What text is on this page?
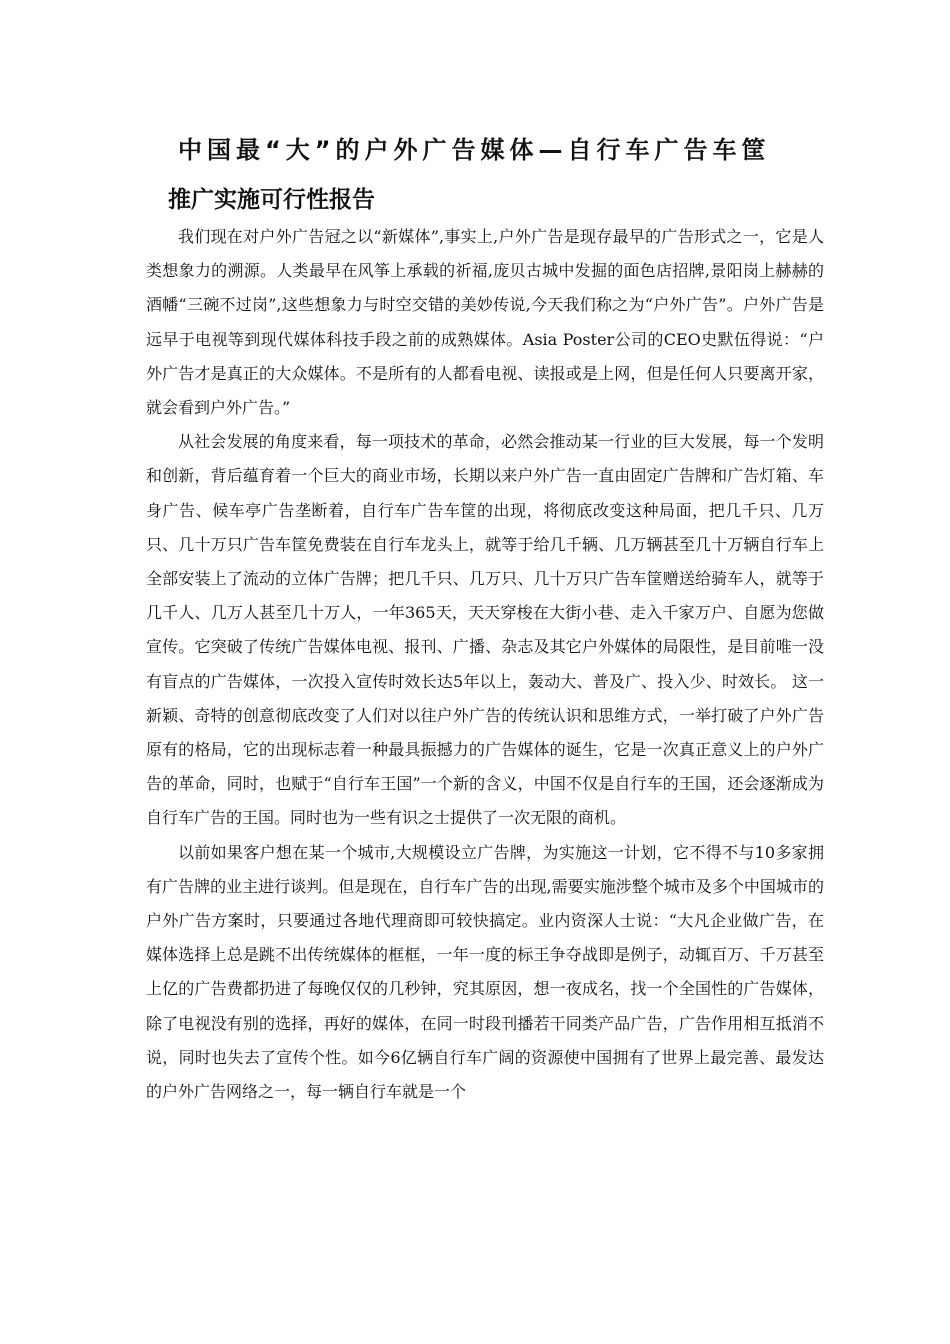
中国最“大”的户外广告媒体—自行车广告车筐
推广实施可行性报告

我们现在对户外广告冠之以“新媒体”,事实上,户外广告是现存最早的广告形式之一，它是人类想象力的溯源。人类最早在风筝上承载的祈福,庞贝古城中发掘的面色店招牌,景阳岗上赫赫的酒幡“三碗不过岗”,这些想象力与时空交错的美妙传说,今天我们称之为“户外广告”。户外广告是远早于电视等到现代媒体科技手段之前的成熟媒体。Asia Poster公司的CEO史默伍得说：“户外广告才是真正的大众媒体。不是所有的人都看电视、读报或是上网，但是任何人只要离开家，就会看到户外广告。”

从社会发展的角度来看，每一项技术的革命，必然会推动某一行业的巨大发展，每一个发明和创新，背后蕴育着一个巨大的商业市场，长期以来户外广告一直由固定广告牌和广告灯箱、车身广告、候车亭广告垄断着，自行车广告车筐的出现，将彻底改变这种局面，把几千只、几万只、几十万只广告车筐免费装在自行车龙头上，就等于给几千辆、几万辆甚至几十万辆自行车上全部安装上了流动的立体广告牌；把几千只、几万只、几十万只广告车筐赠送给骑车人，就等于几千人、几万人甚至几十万人，一年365天，天天穿梭在大街小巷、走入千家万户、自愿为您做宣传。它突破了传统广告媒体电视、报刊、广播、杂志及其它户外媒体的局限性，是目前唯一没有盲点的广告媒体，一次投入宣传时效长达5年以上，轰动大、普及广、投入少、时效长。 这一新颖、奇特的创意彻底改变了人们对以往户外广告的传统认识和思维方式，一举打破了户外广告原有的格局，它的出现标志着一种最具振撼力的广告媒体的诞生，它是一次真正意义上的户外广告的革命，同时，也赋于“自行车王国”一个新的含义，中国不仅是自行车的王国，还会逐渐成为自行车广告的王国。同时也为一些有识之士提供了一次无限的商机。

以前如果客户想在某一个城市,大规模设立广告牌，为实施这一计划，它不得不与10多家拥有广告牌的业主进行谈判。但是现在，自行车广告的出现,需要实施涉整个城市及多个中国城市的户外广告方案时，只要通过各地代理商即可较快搞定。业内资深人士说：“大凡企业做广告，在媒体选择上总是跳不出传统媒体的框框，一年一度的标王争夺战即是例子，动辄百万、千万甚至上亿的广告费都扔进了每晚仅仅的几秒钟，究其原因，想一夜成名，找一个全国性的广告媒体，除了电视没有别的选择，再好的媒体，在同一时段刊播若干同类产品广告，广告作用相互抵消不说，同时也失去了宣传个性。如今6亿辆自行车广阔的资源使中国拥有了世界上最完善、最发达的户外广告网络之一，每一辆自行车就是一个
